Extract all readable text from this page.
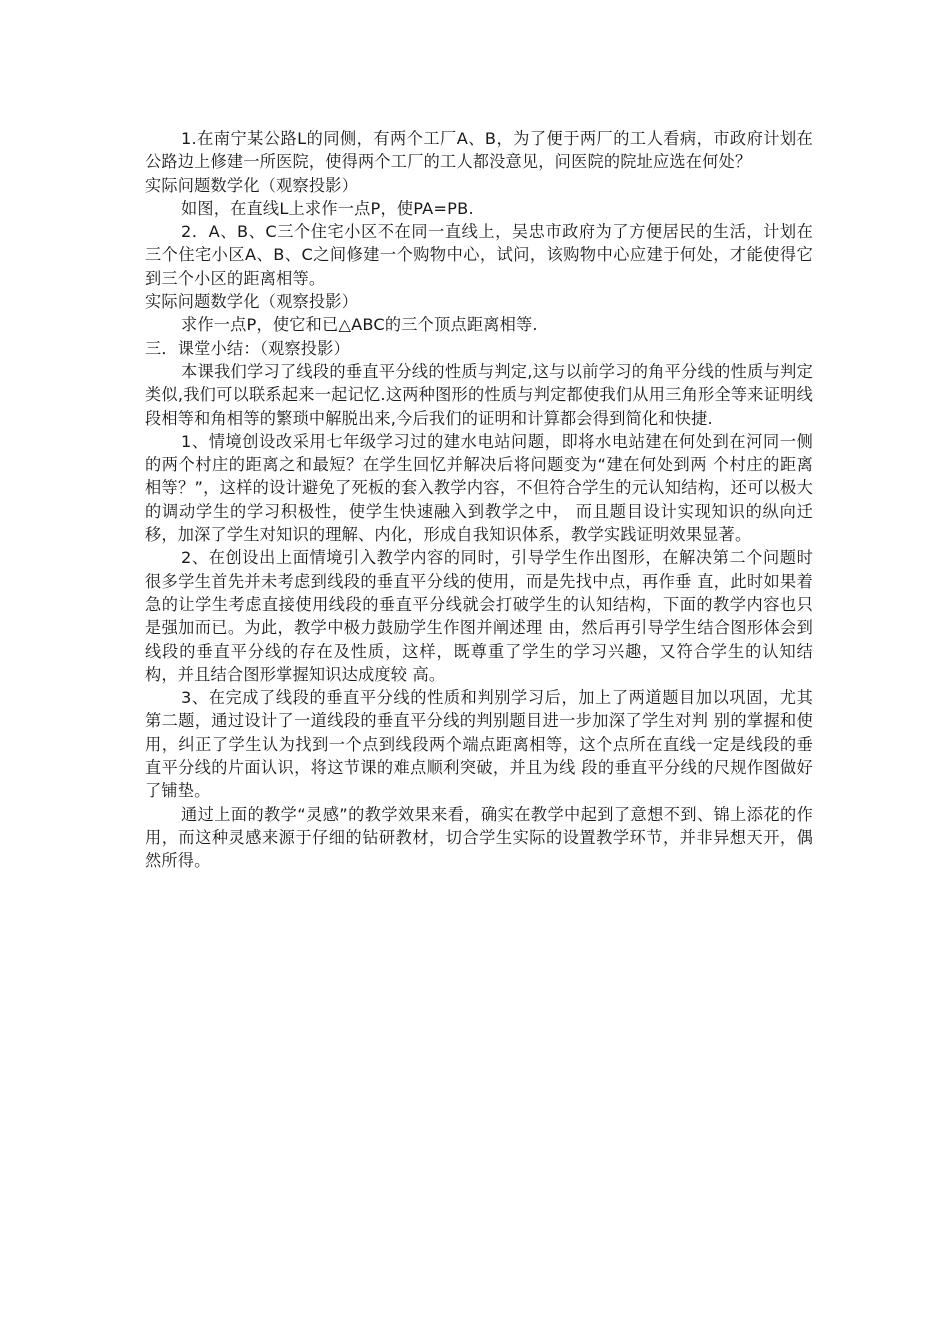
1.在南宁某公路L的同侧，有两个工厂A、B，为了便于两厂的工人看病，市政府计划在公路边上修建一所医院，使得两个工厂的工人都没意见，问医院的院址应选在何处？

实际问题数学化（观察投影）

如图，在直线L上求作一点P，使PA=PB.

2．A、B、C三个住宅小区不在同一直线上，吴忠市政府为了方便居民的生活，计划在三个住宅小区A、B、C之间修建一个购物中心，试问，该购物中心应建于何处，才能使得它到三个小区的距离相等。

实际问题数学化（观察投影）

求作一点P，使它和已△ABC的三个顶点距离相等.

三．课堂小结：（观察投影）

本课我们学习了线段的垂直平分线的性质与判定,这与以前学习的角平分线的性质与判定类似,我们可以联系起来一起记忆.这两种图形的性质与判定都使我们从用三角形全等来证明线段相等和角相等的繁琐中解脱出来,今后我们的证明和计算都会得到简化和快捷.

1、情境创设改采用七年级学习过的建水电站问题，即将水电站建在何处到在河同一侧的两个村庄的距离之和最短？在学生回忆并解决后将问题变为“建在何处到两 个村庄的距离相等？”，这样的设计避免了死板的套入教学内容，不但符合学生的元认知结构，还可以极大的调动学生的学习积极性，使学生快速融入到教学之中， 而且题目设计实现知识的纵向迁移，加深了学生对知识的理解、内化，形成自我知识体系，教学实践证明效果显著。

2、在创设出上面情境引入教学内容的同时，引导学生作出图形，在解决第二个问题时很多学生首先并未考虑到线段的垂直平分线的使用，而是先找中点，再作垂 直，此时如果着急的让学生考虑直接使用线段的垂直平分线就会打破学生的认知结构，下面的教学内容也只是强加而已。为此，教学中极力鼓励学生作图并阐述理 由，然后再引导学生结合图形体会到线段的垂直平分线的存在及性质，这样，既尊重了学生的学习兴趣，又符合学生的认知结构，并且结合图形掌握知识达成度较 高。

3、在完成了线段的垂直平分线的性质和判别学习后，加上了两道题目加以巩固，尤其第二题，通过设计了一道线段的垂直平分线的判别题目进一步加深了学生对判 别的掌握和使用，纠正了学生认为找到一个点到线段两个端点距离相等，这个点所在直线一定是线段的垂直平分线的片面认识，将这节课的难点顺利突破，并且为线 段的垂直平分线的尺规作图做好了铺垫。

通过上面的教学“灵感”的教学效果来看，确实在教学中起到了意想不到、锦上添花的作用，而这种灵感来源于仔细的钻研教材，切合学生实际的设置教学环节，并非异想天开，偶然所得。
